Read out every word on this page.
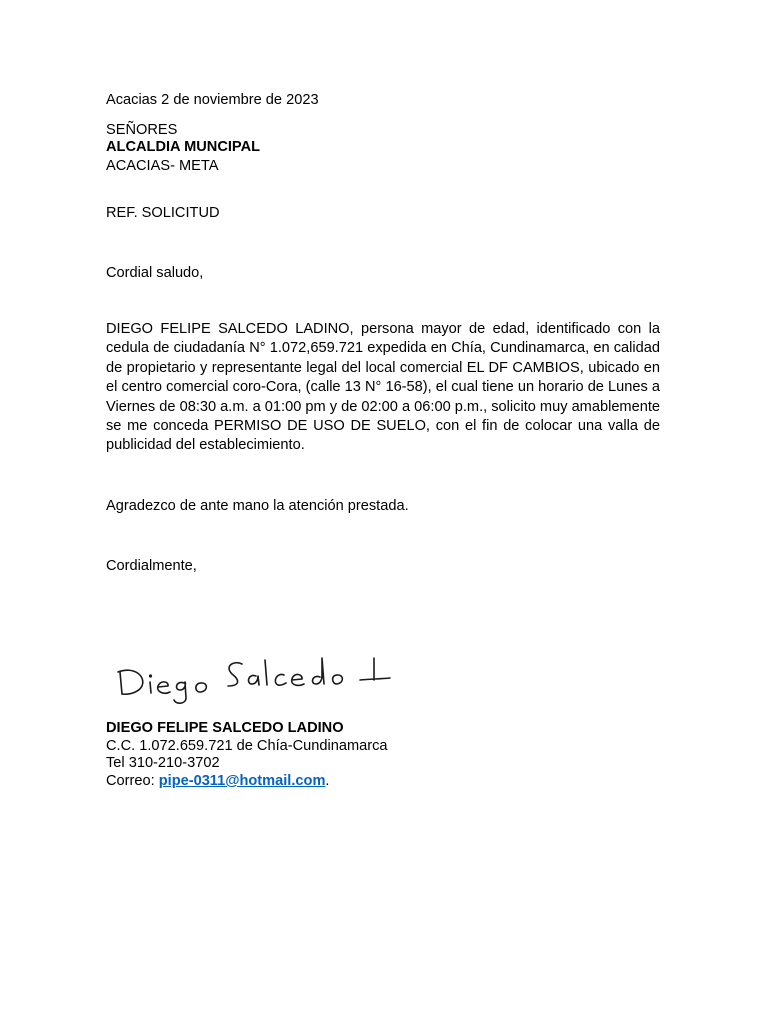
Acacias 2 de noviembre de 2023
SEÑORES
ALCALDIA MUNCIPAL
ACACIAS- META
REF. SOLICITUD
Cordial saludo,
DIEGO FELIPE SALCEDO LADINO, persona mayor de edad, identificado con la cedula de ciudadanía N° 1.072,659.721 expedida en Chía, Cundinamarca, en calidad de propietario y representante legal del local comercial EL DF CAMBIOS, ubicado en el centro comercial coro-Cora, (calle 13 N° 16-58), el cual tiene un horario de Lunes a Viernes de 08:30 a.m. a 01:00 pm y de 02:00 a 06:00 p.m., solicito muy amablemente se me conceda PERMISO DE USO DE SUELO, con el fin de colocar una valla de publicidad del establecimiento.
Agradezco de ante mano la atención prestada.
Cordialmente,
DIEGO FELIPE SALCEDO LADINO
C.C. 1.072.659.721 de Chía-Cundinamarca
Tel 310-210-3702
Correo: pipe-0311@hotmail.com.
